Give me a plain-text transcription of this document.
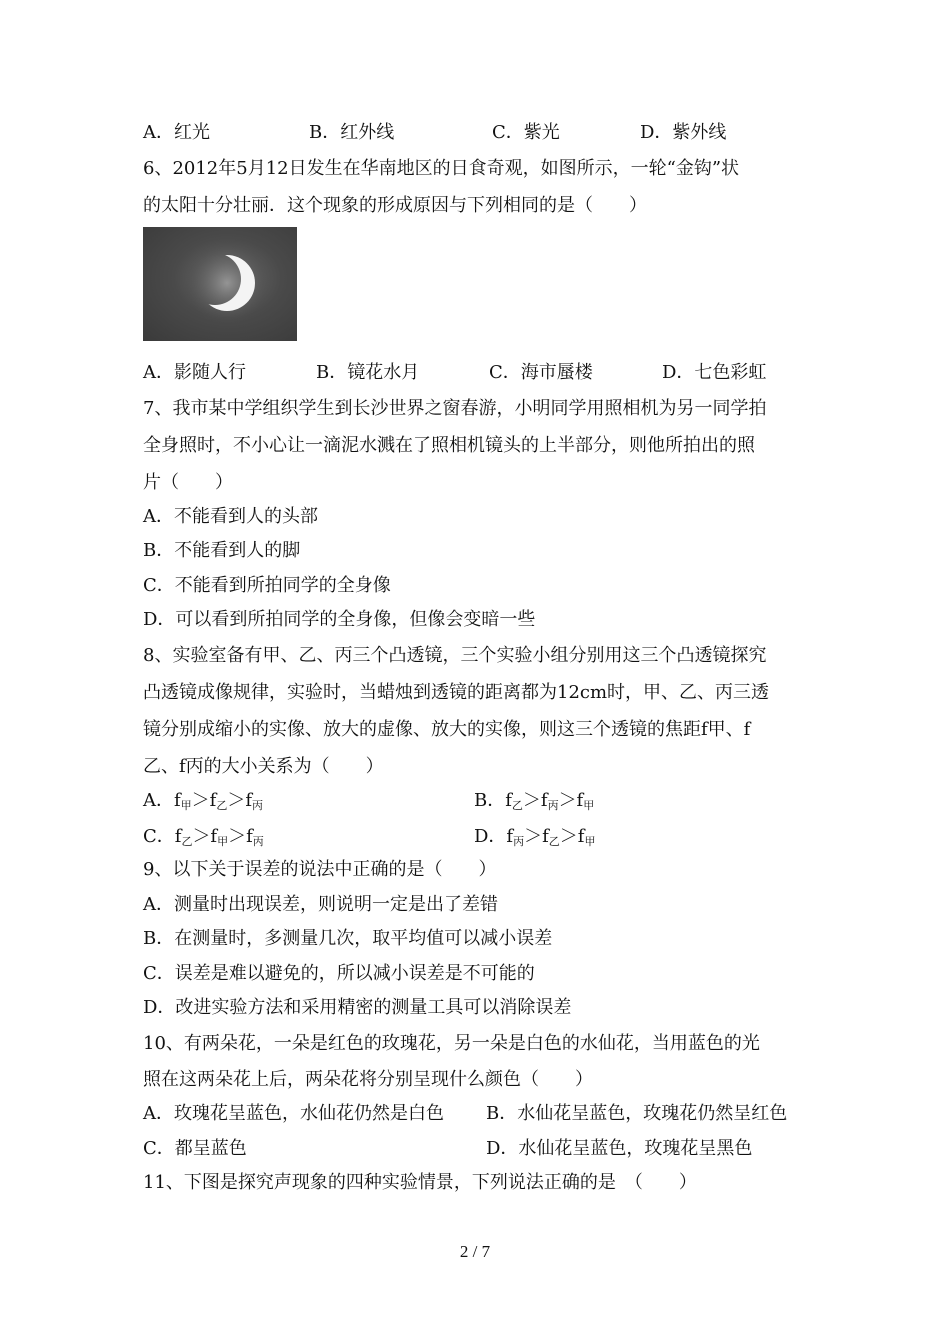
A．红光	B．红外线	C．紫光	D．紫外线
6、2012年5月12日发生在华南地区的日食奇观，如图所示，一轮“金钩”状
的太阳十分壮丽．这个现象的形成原因与下列相同的是（　　）
A．影随人行	B．镜花水月	C．海市蜃楼	D．七色彩虹
7、我市某中学组织学生到长沙世界之窗春游，小明同学用照相机为另一同学拍
全身照时，不小心让一滴泥水溅在了照相机镜头的上半部分，则他所拍出的照
片（　　）
A．不能看到人的头部
B．不能看到人的脚
C．不能看到所拍同学的全身像
D．可以看到所拍同学的全身像，但像会变暗一些
8、实验室备有甲、乙、丙三个凸透镜，三个实验小组分别用这三个凸透镜探究
凸透镜成像规律，实验时，当蜡烛到透镜的距离都为12cm时，甲、乙、丙三透
镜分别成缩小的实像、放大的虚像、放大的实像，则这三个透镜的焦距f甲、f
乙、f丙的大小关系为（　　）
A．$f_甲>f_乙>f_丙$	B．$f_乙>f_丙>f_甲$
C．$f_乙>f_甲>f_丙$	D．$f_丙>f_乙>f_甲$
9、以下关于误差的说法中正确的是（　　）
A．测量时出现误差，则说明一定是出了差错
B．在测量时，多测量几次，取平均值可以减小误差
C．误差是难以避免的，所以减小误差是不可能的
D．改进实验方法和采用精密的测量工具可以消除误差
10、有两朵花，一朵是红色的玫瑰花，另一朵是白色的水仙花，当用蓝色的光
照在这两朵花上后，两朵花将分别呈现什么颜色（　　）
A．玫瑰花呈蓝色，水仙花仍然是白色 B．水仙花呈蓝色，玫瑰花仍然呈红色
C．都呈蓝色	D．水仙花呈蓝色，玫瑰花呈黑色
11、下图是探究声现象的四种实验情景，下列说法正确的是　（　　）
2 / 7
